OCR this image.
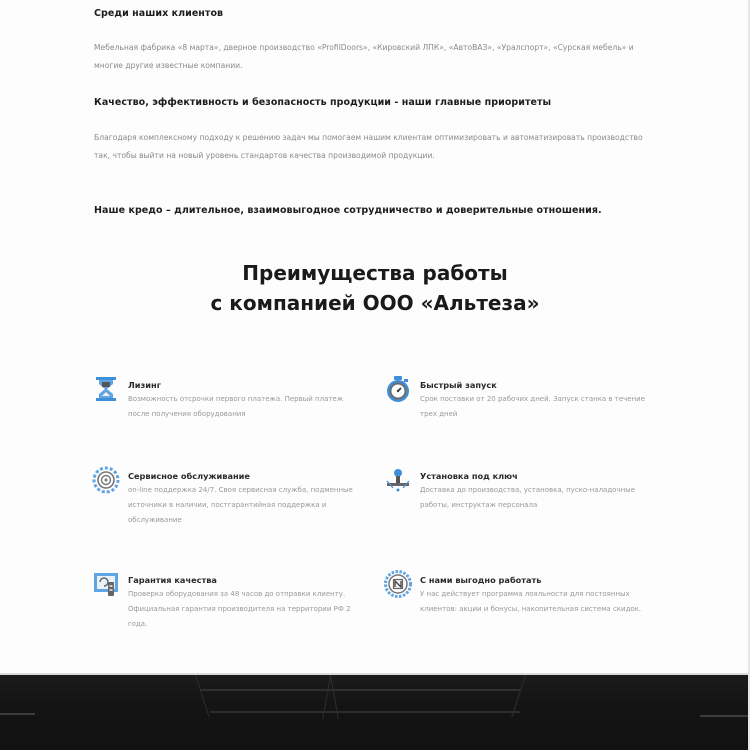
Среди наших клиентов
Мебельная фабрика «8 марта», дверное производство «ProfilDoors», «Кировский ЛПК», «АвтоВАЗ», «Уралспорт», «Сурская мебель» и многие другие известные компании.
Качество, эффективность и безопасность продукции - наши главные приоритеты
Благодаря комплексному подходу к решению задач мы помогаем нашим клиентам оптимизировать и автоматизировать производство так, чтобы выйти на новый уровень стандартов качества производимой продукции.
Наше кредо – длительное, взаимовыгодное сотрудничество и доверительные отношения.
Преимущества работы
с компанией ООО «Альтеза»
Лизинг
Возможность отсрочки первого платежа. Первый платеж после получения оборудования
Быстрый запуск
Срок поставки от 20 рабочих дней. Запуск станка в течение трех дней
Сервисное обслуживание
on-line поддержка 24/7. Своя сервисная служба, подменные источники в наличии, постгарантийная поддержка и обслуживание
Установка под ключ
Доставка до производства, установка, пуско-наладочные работы, инструктаж персонала
Гарантия качества
Проверка оборудования за 48 часов до отправки клиенту. Официальная гарантия производителя на территории РФ 2 года.
С нами выгодно работать
У нас действует программа лояльности для постоянных клиентов: акции и бонусы, накопительная система скидок.
